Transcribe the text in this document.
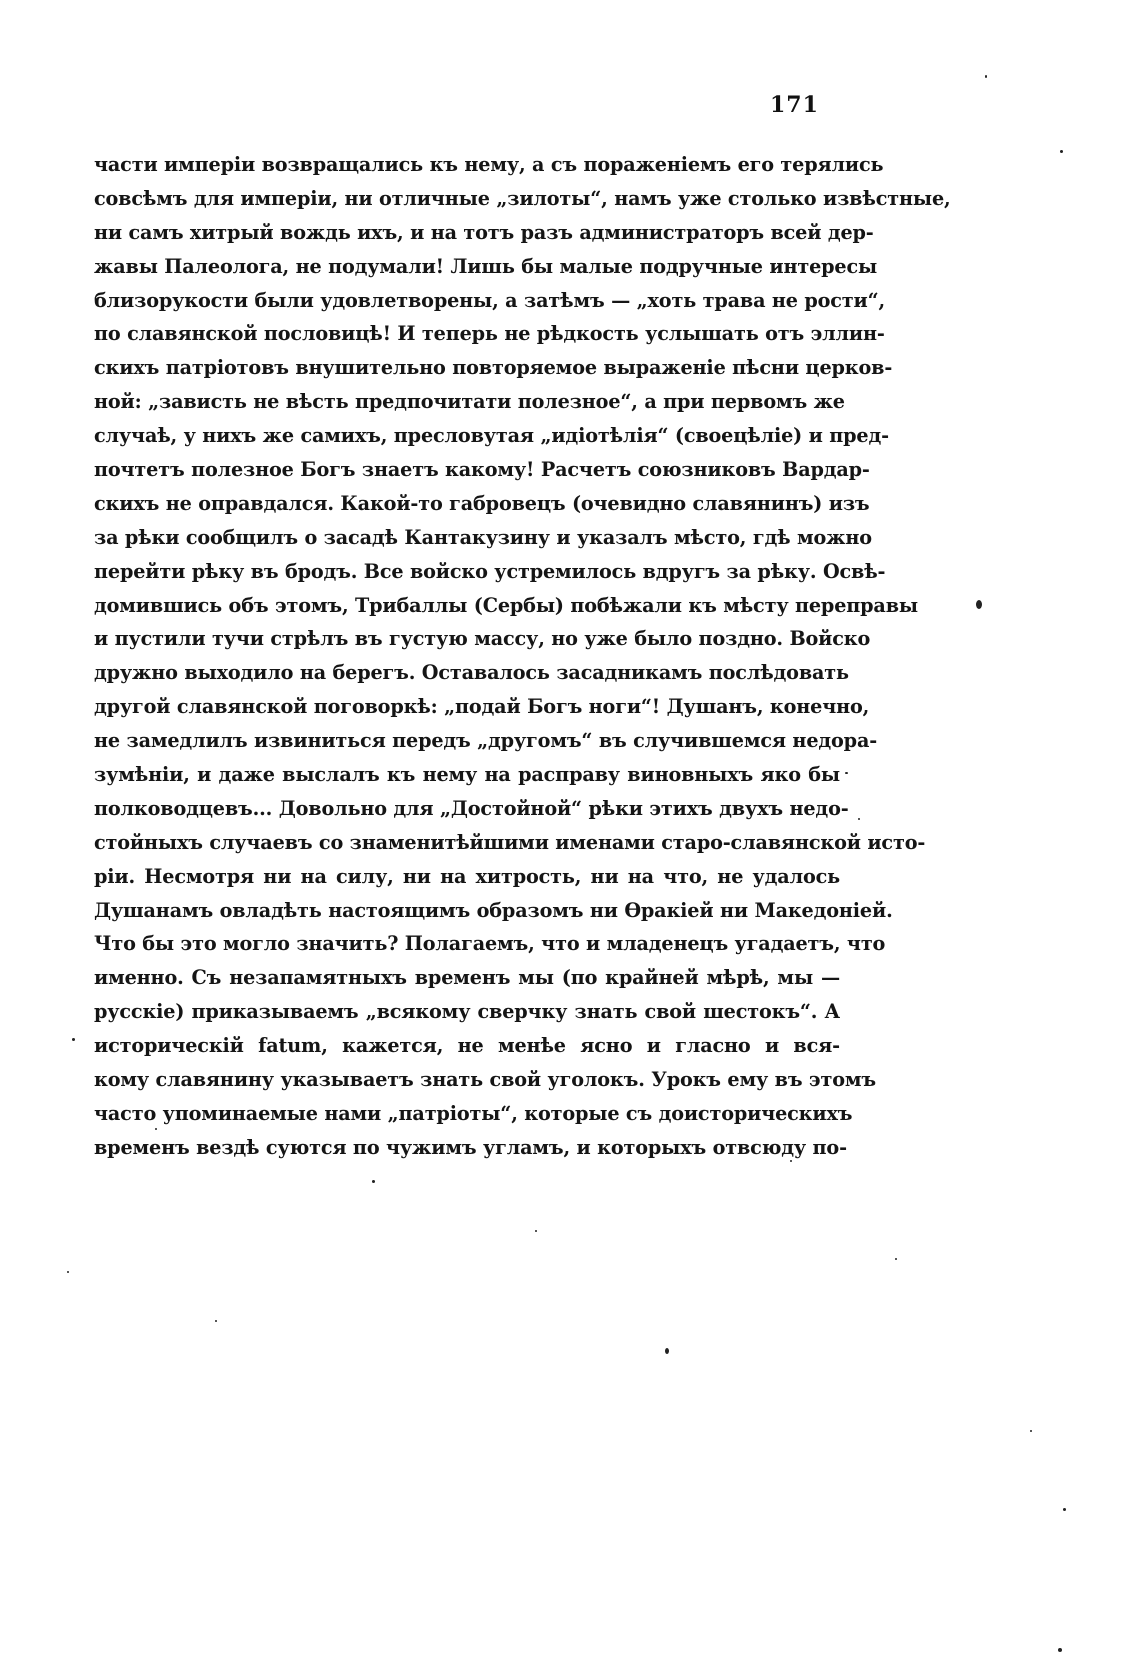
171
части имперіи возвращались къ нему, а съ пораженіемъ его терялись
совсѣмъ для имперіи, ни отличные „зилоты“, намъ уже столько извѣстные,
ни самъ хитрый вождь ихъ, и на тотъ разъ администраторъ всей дер-
жавы Палеолога, не подумали! Лишь бы малые подручные интересы
близорукости были удовлетворены, а затѣмъ — „хоть трава не рости“,
по славянской пословицѣ! И теперь не рѣдкость услышать отъ эллин-
скихъ патріотовъ внушительно повторяемое выраженіе пѣсни церков-
ной: „зависть не вѣсть предпочитати полезное“, а при первомъ же
случаѣ, у нихъ же самихъ, пресловутая „идіотѣлія“ (своецѣліе) и пред-
почтетъ полезное Богъ знаетъ какому! Расчетъ союзниковъ Вардар-
скихъ не оправдался. Какой-то габровецъ (очевидно славянинъ) изъ
за рѣки сообщилъ о засадѣ Кантакузину и указалъ мѣсто, гдѣ можно
перейти рѣку въ бродъ. Все войско устремилось вдругъ за рѣку. Освѣ-
домившись объ этомъ, Трибаллы (Сербы) побѣжали къ мѣсту переправы
и пустили тучи стрѣлъ въ густую массу, но уже было поздно. Войско
дружно выходило на берегъ. Оставалось засадникамъ послѣдовать
другой славянской поговоркѣ: „подай Богъ ноги“! Душанъ, конечно,
не замедлилъ извиниться передъ „другомъ“ въ случившемся недора-
зумѣніи, и даже выслалъ къ нему на расправу виновныхъ яко бы
полководцевъ... Довольно для „Достойной“ рѣки этихъ двухъ недо-
стойныхъ случаевъ со знаменитѣйшими именами старо-славянской исто-
ріи. Несмотря ни на силу, ни на хитрость, ни на что, не удалось
Душанамъ овладѣть настоящимъ образомъ ни Ѳракіей ни Македоніей.
Что бы это могло значить? Полагаемъ, что и младенецъ угадаетъ, что
именно. Съ незапамятныхъ временъ мы (по крайней мѣрѣ, мы —
русскіе) приказываемъ „всякому сверчку знать свой шестокъ“. А
историческій fatum, кажется, не менѣе ясно и гласно и вся-
кому славянину указываетъ знать свой уголокъ. Урокъ ему въ этомъ
часто упоминаемые нами „патріоты“, которые съ доисторическихъ
временъ вездѣ суются по чужимъ угламъ, и которыхъ отвсюду по-
